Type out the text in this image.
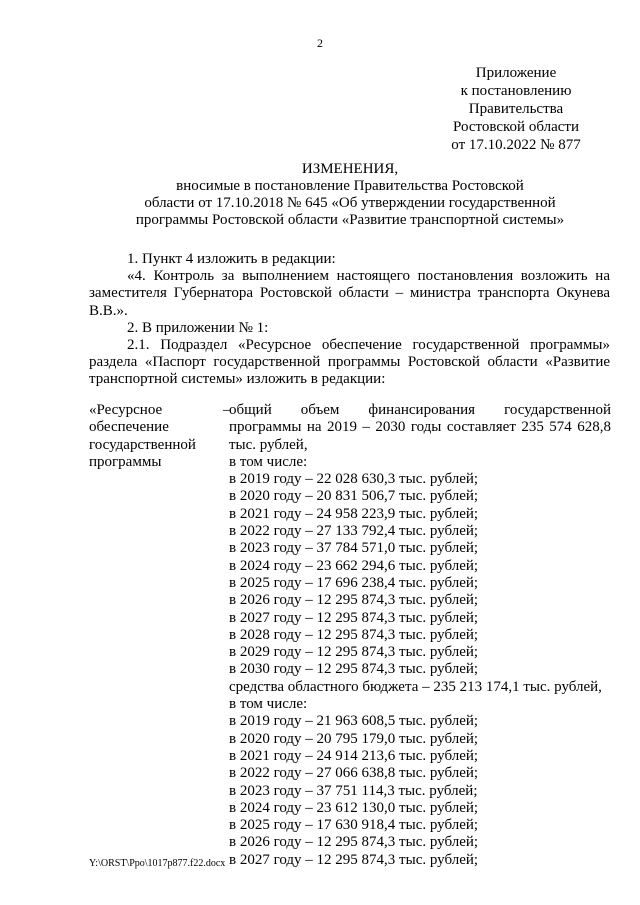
2
Приложение
к постановлению
Правительства
Ростовской области
от 17.10.2022 № 877
ИЗМЕНЕНИЯ,
вносимые в постановление Правительства Ростовской
области от 17.10.2018 № 645 «Об утверждении государственной
программы Ростовской области «Развитие транспортной системы»
1. Пункт 4 изложить в редакции:
«4. Контроль за выполнением настоящего постановления возложить на заместителя Губернатора Ростовской области – министра транспорта Окунева В.В.».
2. В приложении № 1:
2.1. Подраздел «Ресурсное обеспечение государственной программы» раздела «Паспорт государственной программы Ростовской области «Развитие транспортной системы» изложить в редакции:
«Ресурсное обеспечение государственной программы
–
общий объем финансирования государственной программы на 2019 – 2030 годы составляет 235 574 628,8 тыс. рублей,
в том числе:
в 2019 году – 22 028 630,3 тыс. рублей;
в 2020 году – 20 831 506,7 тыс. рублей;
в 2021 году – 24 958 223,9 тыс. рублей;
в 2022 году – 27 133 792,4 тыс. рублей;
в 2023 году – 37 784 571,0 тыс. рублей;
в 2024 году – 23 662 294,6 тыс. рублей;
в 2025 году – 17 696 238,4 тыс. рублей;
в 2026 году – 12 295 874,3 тыс. рублей;
в 2027 году – 12 295 874,3 тыс. рублей;
в 2028 году – 12 295 874,3 тыс. рублей;
в 2029 году – 12 295 874,3 тыс. рублей;
в 2030 году – 12 295 874,3 тыс. рублей;
средства областного бюджета – 235 213 174,1 тыс. рублей,
в том числе:
в 2019 году – 21 963 608,5 тыс. рублей;
в 2020 году – 20 795 179,0 тыс. рублей;
в 2021 году – 24 914 213,6 тыс. рублей;
в 2022 году – 27 066 638,8 тыс. рублей;
в 2023 году – 37 751 114,3 тыс. рублей;
в 2024 году – 23 612 130,0 тыс. рублей;
в 2025 году – 17 630 918,4 тыс. рублей;
в 2026 году – 12 295 874,3 тыс. рублей;
в 2027 году – 12 295 874,3 тыс. рублей;
Y:\ORST\Ppo\1017p877.f22.docx
